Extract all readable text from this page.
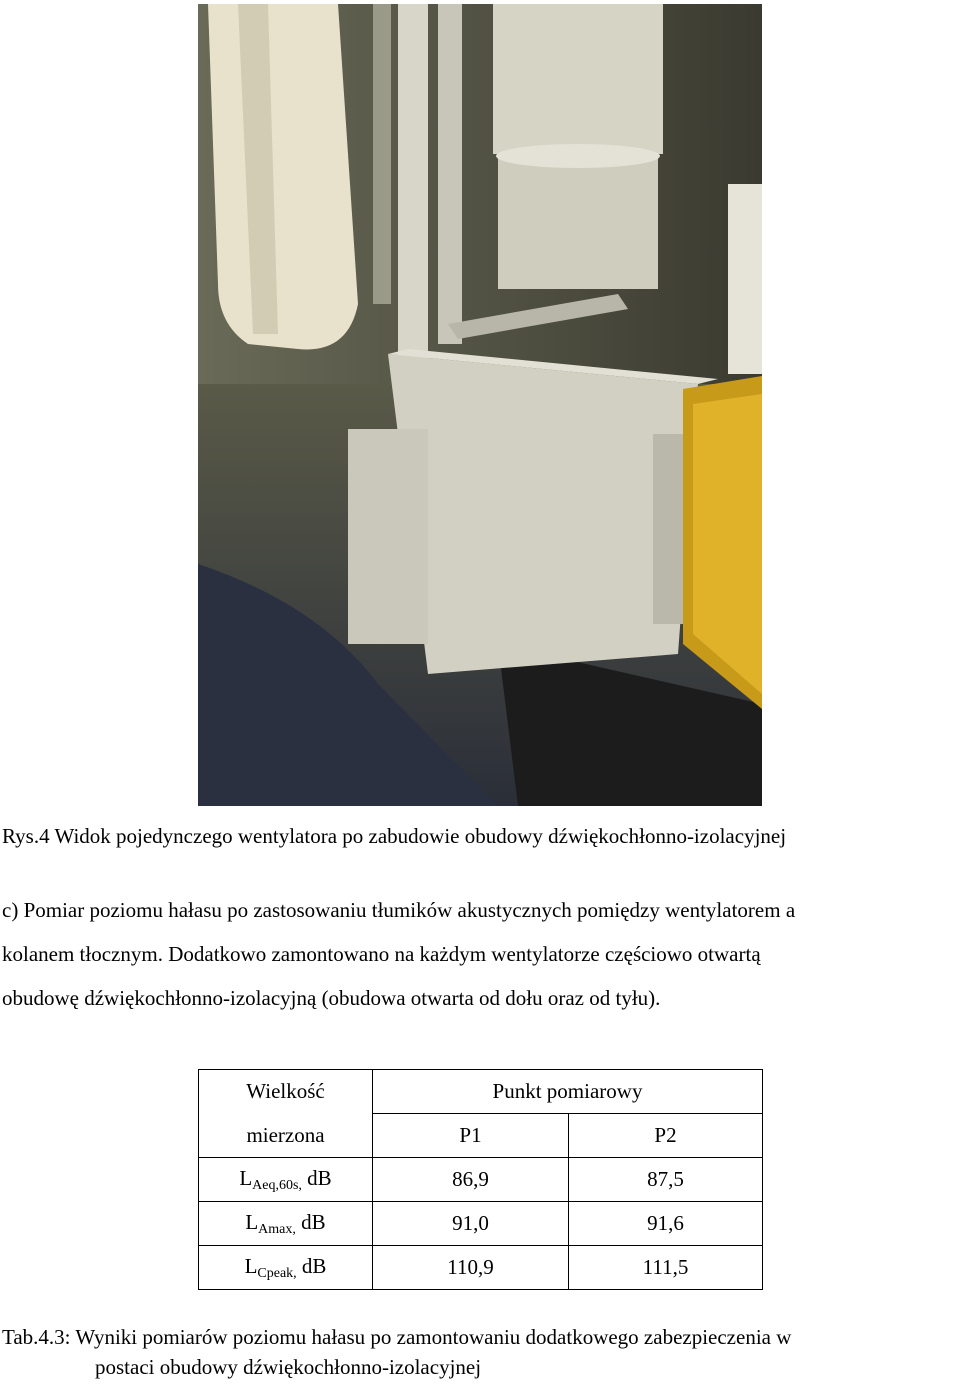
Rys.4 Widok pojedynczego wentylatora po zabudowie obudowy dźwiękochłonno-izolacyjnej
c) Pomiar poziomu hałasu po zastosowaniu tłumików akustycznych pomiędzy wentylatorem a
kolanem tłocznym. Dodatkowo zamontowano na każdym wentylatorze częściowo otwartą
obudowę dźwiękochłonno-izolacyjną (obudowa otwarta od dołu oraz od tyłu).
Wielkość	Punkt pomiarowy	
mierzona	P1	P2
$L_{Aeq,60s,}$ dB	86,9	87,5
$L_{Amax,}$ dB	91,0	91,6
$L_{Cpeak,}$ dB	110,9	111,5
Tab.4.3: Wyniki pomiarów poziomu hałasu po zamontowaniu dodatkowego zabezpieczenia w
postaci obudowy dźwiękochłonno-izolacyjnej
